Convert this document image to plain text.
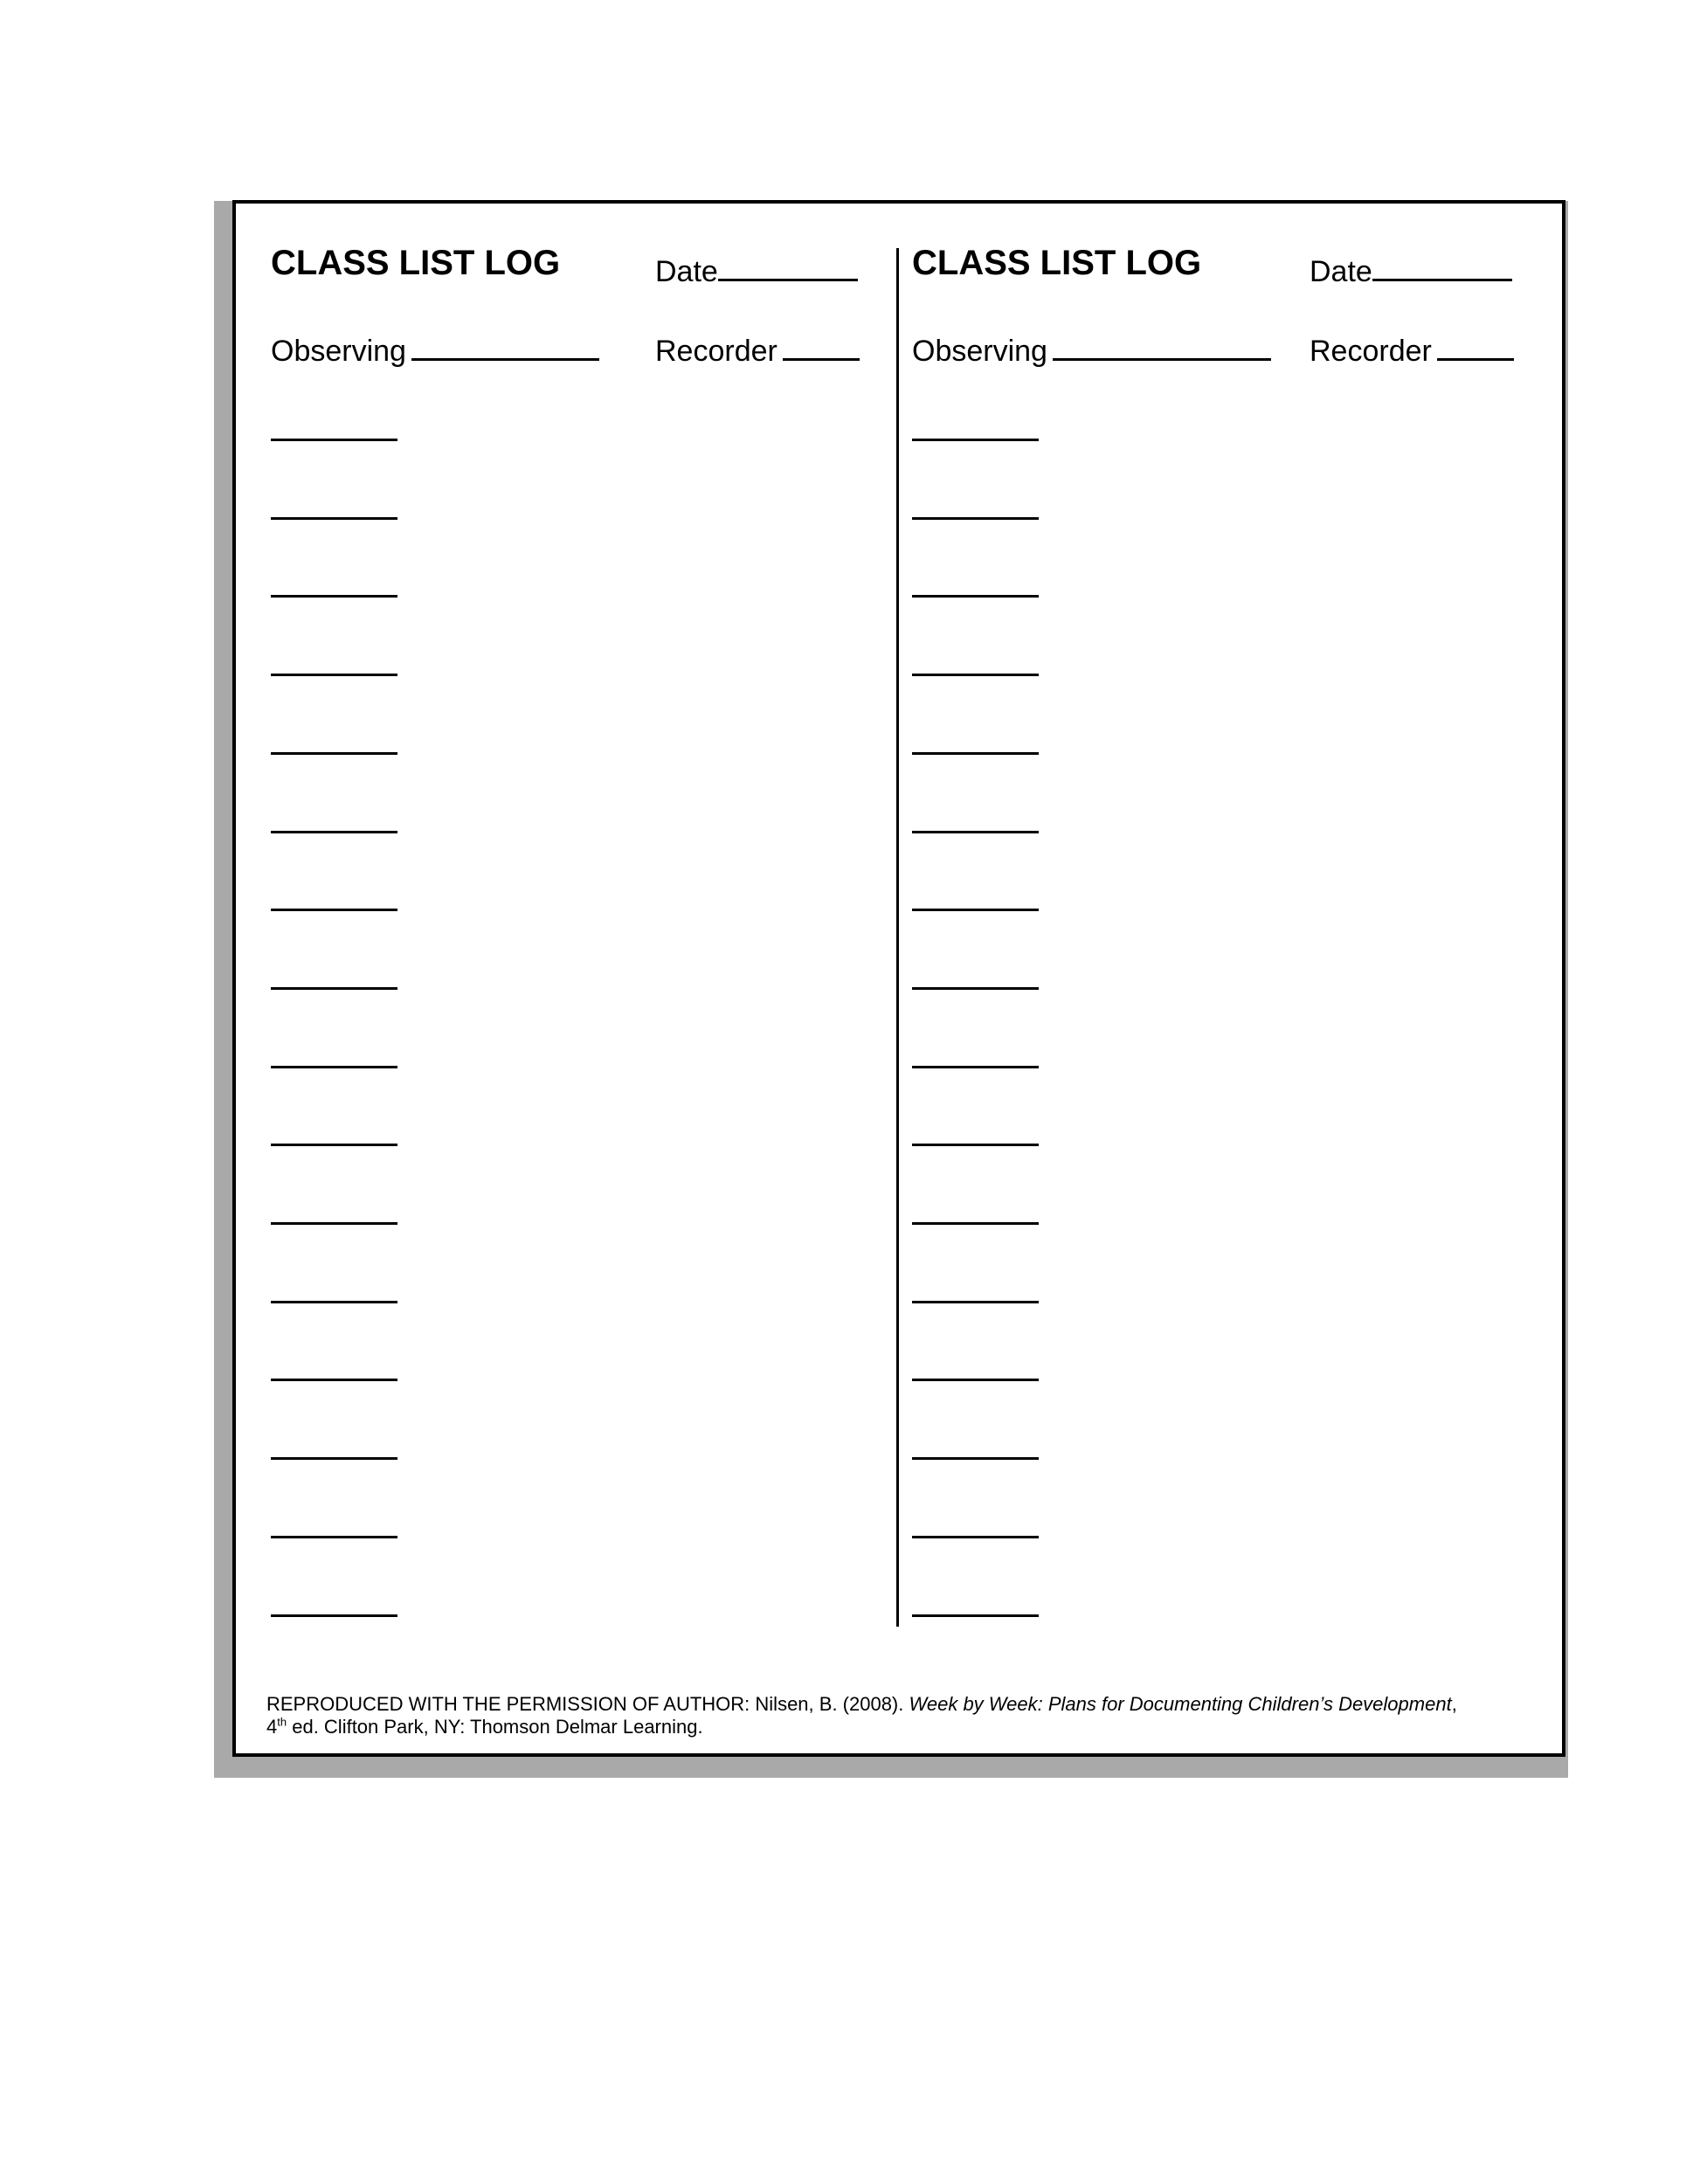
CLASS LIST LOG	Date
Observing	Recorder
CLASS LIST LOG	Date
Observing	Recorder
REPRODUCED WITH THE PERMISSION OF AUTHOR: Nilsen, B. (2008). Week by Week: Plans for Documenting Children’s Development,
4th ed. Clifton Park, NY: Thomson Delmar Learning.
